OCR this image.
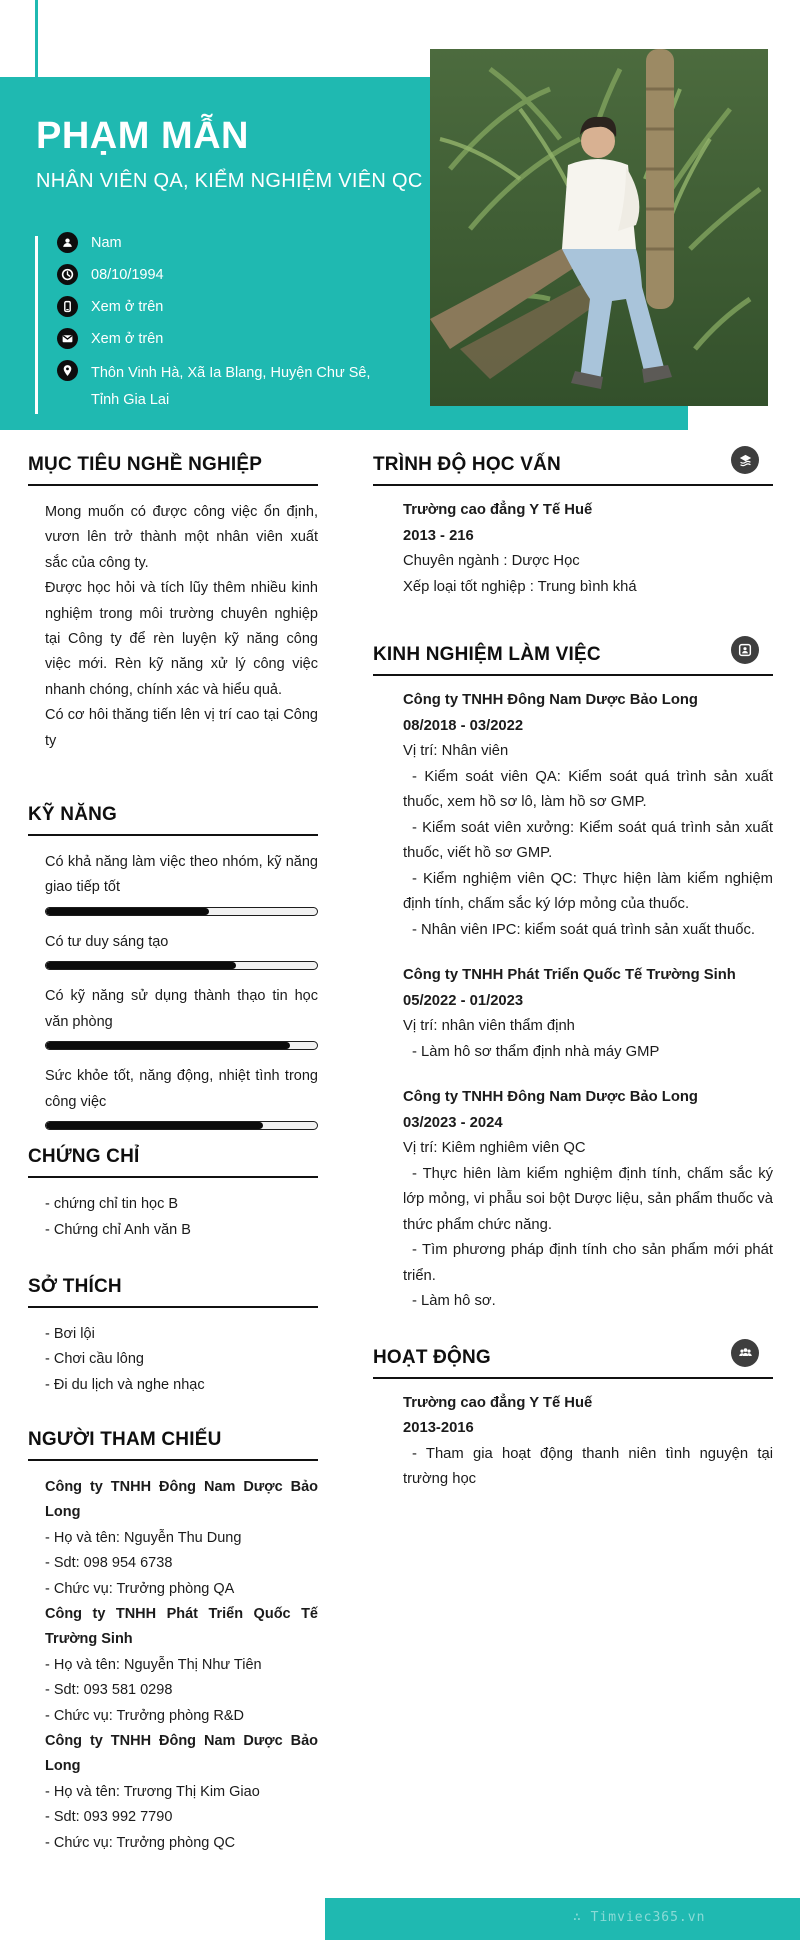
PHẠM MẪN
NHÂN VIÊN QA, KIỂM NGHIỆM VIÊN QC
Nam
08/10/1994
Xem ở trên
Xem ở trên
Thôn Vinh Hà, Xã Ia Blang, Huyện Chư Sê, Tỉnh Gia Lai
MỤC TIÊU NGHỀ NGHIỆP

Mong muốn có được công việc ổn định, vươn lên trở thành một nhân viên xuất sắc của công ty.

Được học hỏi và tích lũy thêm nhiều kinh nghiệm trong môi trường chuyên nghiệp tại Công ty để rèn luyện kỹ năng công việc mới. Rèn kỹ năng xử lý công việc nhanh chóng, chính xác và hiểu quả.

Có cơ hôi thăng tiến lên vị trí cao tại Công ty

KỸ NĂNG
Có khả năng làm việc theo nhóm, kỹ năng giao tiếp tốt
Có tư duy sáng tạo
Có kỹ năng sử dụng thành thạo tin học văn phòng
Sức khỏe tốt, năng động, nhiệt tình trong công việc
CHỨNG CHỈ

- chứng chỉ tin học B

- Chứng chỉ Anh văn B

SỞ THÍCH

- Bơi lội

- Chơi cầu lông

- Đi du lịch và nghe nhạc

NGƯỜI THAM CHIẾU

Công ty TNHH Đông Nam Dược Bảo Long

- Họ và tên: Nguyễn Thu Dung

- Sdt: 098 954 6738

- Chức vụ: Trưởng phòng QA

Công ty TNHH Phát Triển Quốc Tế Trường Sinh

- Họ và tên: Nguyễn Thị Như Tiên

- Sdt: 093 581 0298

- Chức vụ: Trưởng phòng R&D

Công ty TNHH Đông Nam Dược Bảo Long

- Họ và tên: Trương Thị Kim Giao

- Sdt: 093 992 7790

- Chức vụ: Trưởng phòng QC

TRÌNH ĐỘ HỌC VẤN

Trường cao đẳng Y Tế Huế

2013 - 216

Chuyên ngành : Dược Học

Xếp loại tốt nghiệp : Trung bình khá

KINH NGHIỆM LÀM VIỆC

Công ty TNHH Đông Nam Dược Bảo Long

08/2018 - 03/2022

Vị trí: Nhân viên

- Kiểm soát viên QA: Kiểm soát quá trình sản xuất thuốc, xem hồ sơ lô, làm hồ sơ GMP.

- Kiểm soát viên xưởng: Kiểm soát quá trình sản xuất thuốc, viết hồ sơ GMP.

- Kiểm nghiệm viên QC: Thực hiện làm kiểm nghiệm định tính, chấm sắc ký lớp mỏng của thuốc.

- Nhân viên IPC: kiểm soát quá trình sản xuất thuốc.

Công ty TNHH Phát Triển Quốc Tế Trường Sinh

05/2022 - 01/2023

Vị trí: nhân viên thẩm định

- Làm hô sơ thẩm định nhà máy GMP

Công ty TNHH Đông Nam Dược Bảo Long

03/2023 - 2024

Vị trí: Kiêm nghiêm viên QC

- Thực hiên làm kiểm nghiệm định tính, chấm sắc ký lớp mỏng, vi phẫu soi bột Dược liệu, sản phẩm thuốc và thức phẩm chức năng.

- Tìm phương pháp định tính cho sản phẩm mới phát triển.

- Làm hô sơ.

HOẠT ĐỘNG

Trường cao đẳng Y Tế Huế

2013-2016

- Tham gia hoạt động thanh niên tình nguyện tại trường học

∴ Timviec365.vn
